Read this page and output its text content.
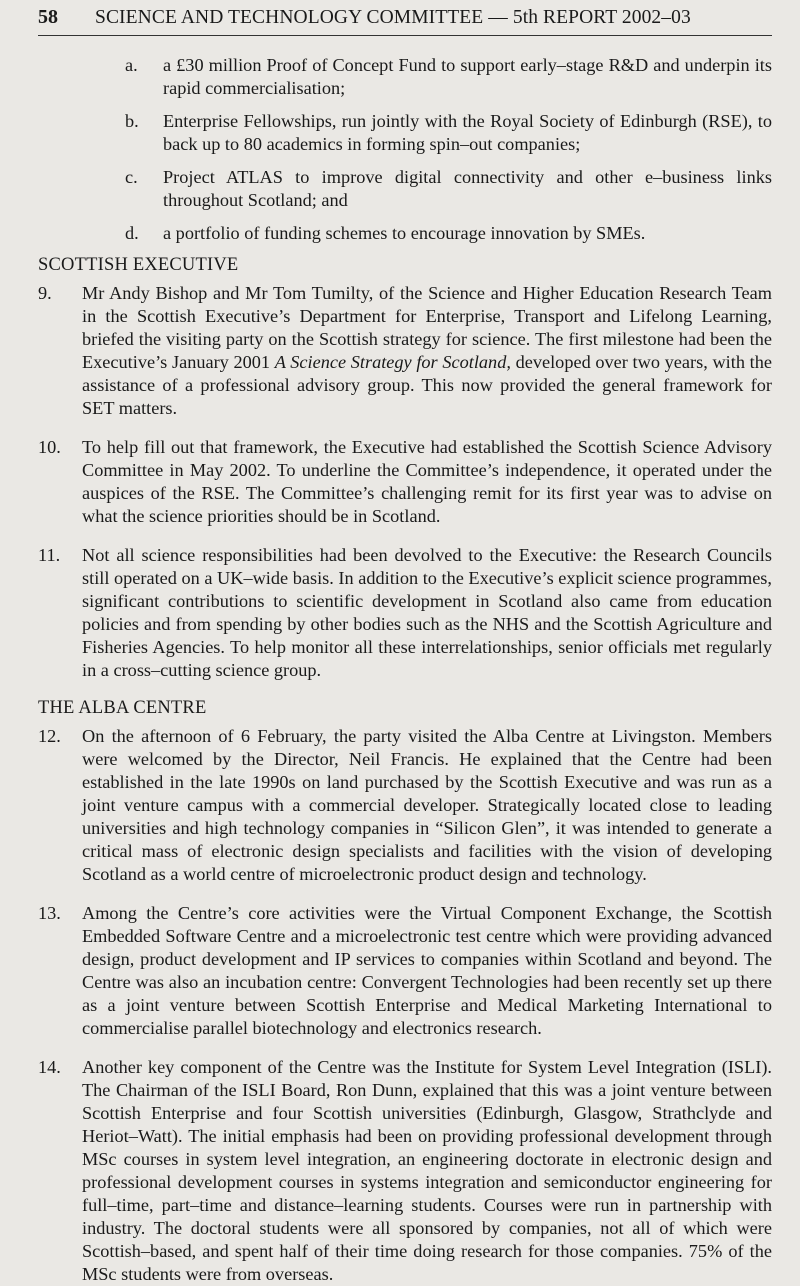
58	SCIENCE AND TECHNOLOGY COMMITTEE — 5th REPORT 2002–03
a.	a £30 million Proof of Concept Fund to support early–stage R&D and underpin its rapid commercialisation;
b.	Enterprise Fellowships, run jointly with the Royal Society of Edinburgh (RSE), to back up to 80 academics in forming spin–out companies;
c.	Project ATLAS to improve digital connectivity and other e–business links throughout Scotland; and
d.	a portfolio of funding schemes to encourage innovation by SMEs.
SCOTTISH EXECUTIVE
9.	Mr Andy Bishop and Mr Tom Tumilty, of the Science and Higher Education Research Team in the Scottish Executive’s Department for Enterprise, Transport and Lifelong Learning, briefed the visiting party on the Scottish strategy for science. The first milestone had been the Executive’s January 2001 A Science Strategy for Scotland, developed over two years, with the assistance of a professional advisory group. This now provided the general framework for SET matters.
10.	To help fill out that framework, the Executive had established the Scottish Science Advisory Committee in May 2002. To underline the Committee’s independence, it operated under the auspices of the RSE. The Committee’s challenging remit for its first year was to advise on what the science priorities should be in Scotland.
11.	Not all science responsibilities had been devolved to the Executive: the Research Councils still operated on a UK–wide basis. In addition to the Executive’s explicit science programmes, significant contributions to scientific development in Scotland also came from education policies and from spending by other bodies such as the NHS and the Scottish Agriculture and Fisheries Agencies. To help monitor all these interrelationships, senior officials met regularly in a cross–cutting science group.
THE ALBA CENTRE
12.	On the afternoon of 6 February, the party visited the Alba Centre at Livingston. Members were welcomed by the Director, Neil Francis. He explained that the Centre had been established in the late 1990s on land purchased by the Scottish Executive and was run as a joint venture campus with a commercial developer. Strategically located close to leading universities and high technology companies in “Silicon Glen”, it was intended to generate a critical mass of electronic design specialists and facilities with the vision of developing Scotland as a world centre of microelectronic product design and technology.
13.	Among the Centre’s core activities were the Virtual Component Exchange, the Scottish Embedded Software Centre and a microelectronic test centre which were providing advanced design, product development and IP services to companies within Scotland and beyond. The Centre was also an incubation centre: Convergent Technologies had been recently set up there as a joint venture between Scottish Enterprise and Medical Marketing International to commercialise parallel biotechnology and electronics research.
14.	Another key component of the Centre was the Institute for System Level Integration (ISLI). The Chairman of the ISLI Board, Ron Dunn, explained that this was a joint venture between Scottish Enterprise and four Scottish universities (Edinburgh, Glasgow, Strathclyde and Heriot–Watt). The initial emphasis had been on providing professional development through MSc courses in system level integration, an engineering doctorate in electronic design and professional development courses in systems integration and semiconductor engineering for full–time, part–time and distance–learning students. Courses were run in partnership with industry. The doctoral students were all sponsored by companies, not all of which were Scottish–based, and spent half of their time doing research for those companies. 75% of the MSc students were from overseas.
